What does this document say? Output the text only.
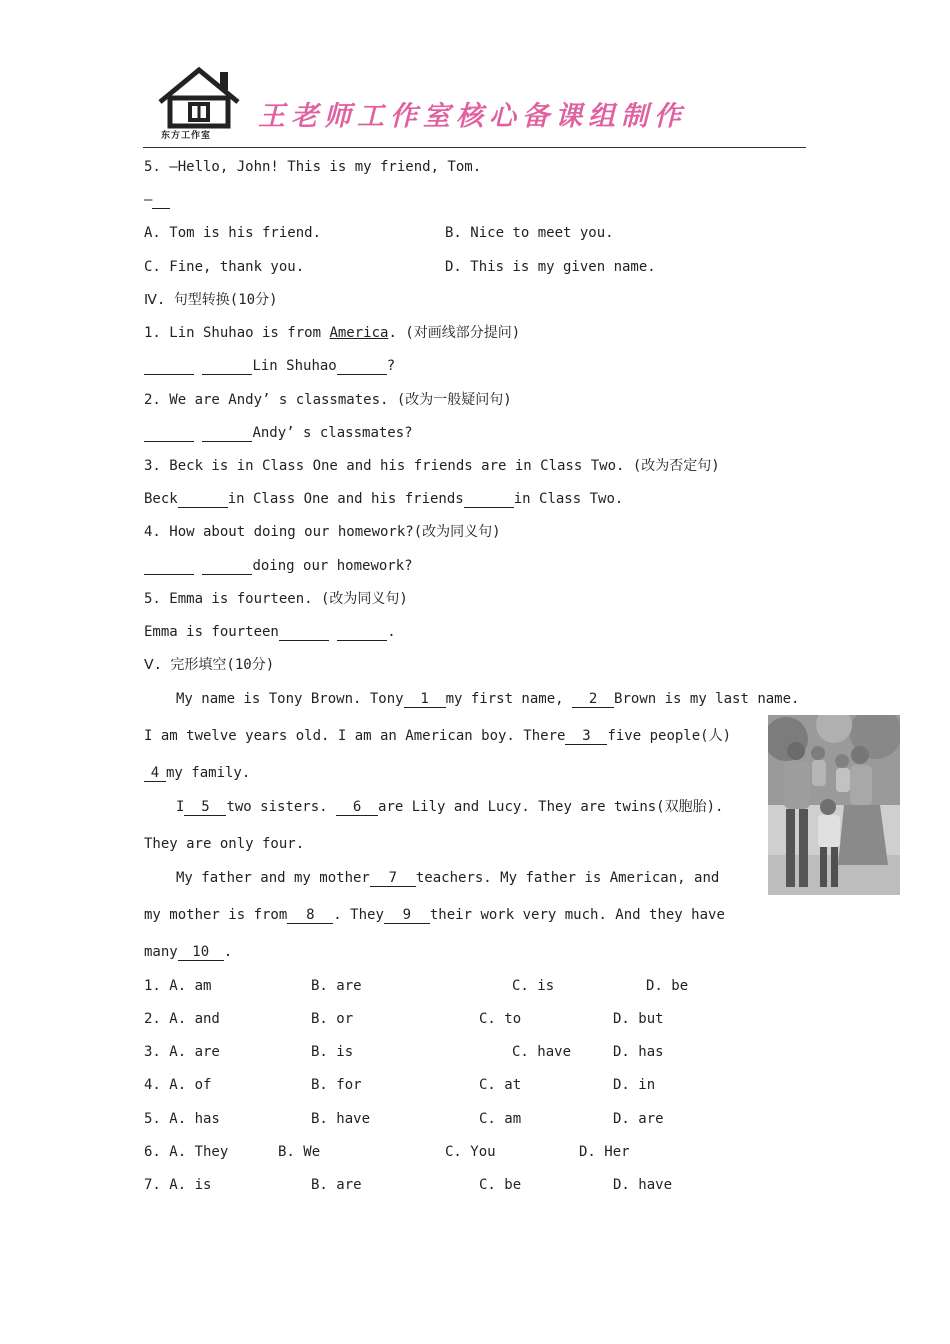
东方工作室
王老师工作室核心备课组制作
5. —Hello, John! This is my friend, Tom.
—
A. Tom is his friend.	B. Nice to meet you.
C. Fine, thank you.	D. This is my given name.
Ⅳ. 句型转换(10分)
1. Lin Shuhao is from America. (对画线部分提问)
Lin Shuhao	?
2. We are Andy’ s classmates. (改为一般疑问句)
Andy’ s classmates?
3. Beck is in Class One and his friends are in Class Two. (改为否定句)
Beck	in Class One and his friends	in Class Two.
4. How about doing our homework?(改为同义句)
doing our homework?
5. Emma is fourteen. (改为同义句)
Emma is fourteen	.
Ⅴ. 完形填空(10分)
My name is Tony Brown. Tony 1 my first name, 2 Brown is my last name.
I am twelve years old. I am an American boy. There 3 five people(人)
4 my family.
I 5 two sisters. 6 are Lily and Lucy. They are twins(双胞胎).
They are only four.
My father and my mother 7 teachers. My father is American, and
my mother is from 8 . They 9 their work very much. And they have
many 10 .
1. A. am	B. are	C. is	D. be
2. A. and	B. or	C. to	D. but
3. A. are	B. is	C. have	D. has
4. A. of	B. for	C. at	D. in
5. A. has	B. have	C. am	D. are
6. A. They	B. We	C. You	D. Her
7. A. is	B. are	C. be	D. have
